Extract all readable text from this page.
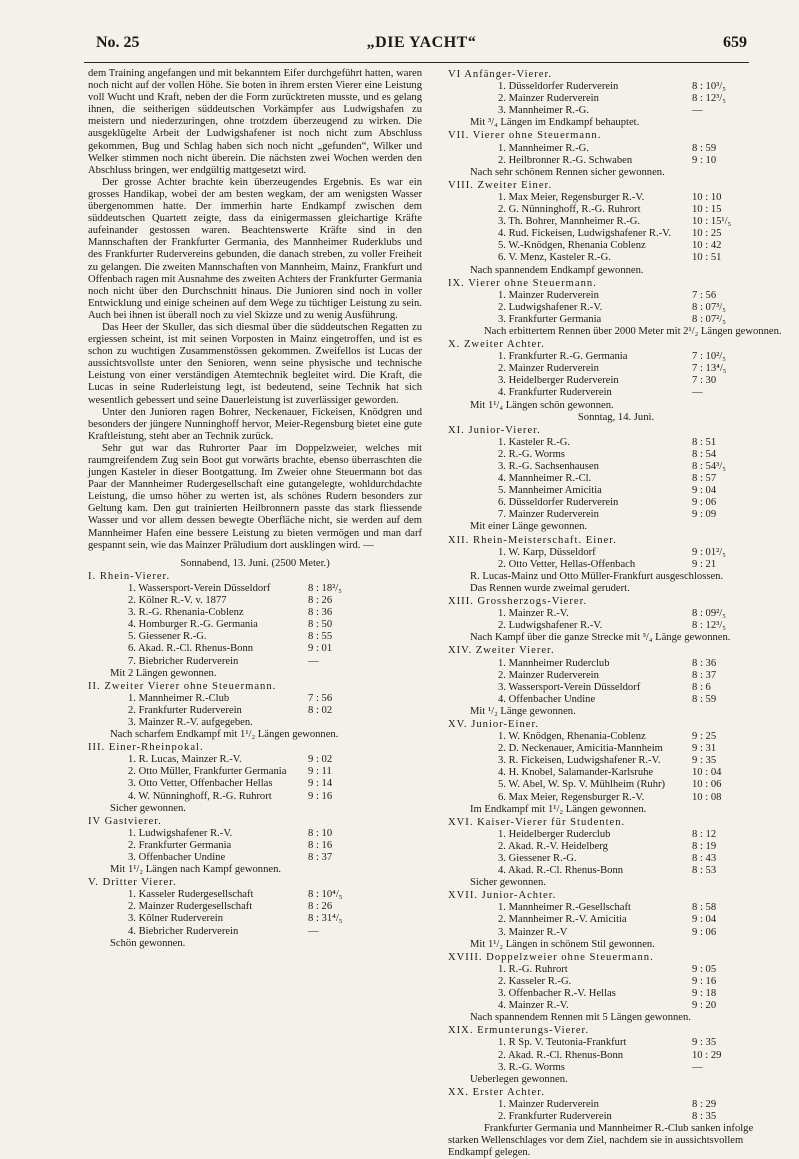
No. 25	„DIE YACHT“	659

dem Training angefangen und mit bekanntem Eifer durchgeführt hatten, waren noch nicht auf der vollen Höhe. Sie boten in ihrem ersten Vierer eine Leistung voll Wucht und Kraft, neben der die Form zurücktreten musste, und es gelang ihnen, die seitherigen süddeutschen Vorkämpfer aus Ludwigshafen zu meistern und niederzuringen, ohne trotzdem überzeugend zu wirken. Die ausgeklügelte Arbeit der Ludwigshafener ist noch nicht zum Abschluss gekommen, Bug und Schlag haben sich noch nicht „gefunden“, Wilker und Welker stimmen noch nicht überein. Die nächsten zwei Wochen werden den Abschluss bringen, wer endgültig mattgesetzt wird.

Der grosse Achter brachte kein überzeugendes Ergebnis. Es war ein grosses Handikap, wobei der am besten wegkam, der am wenigsten Wasser übergenommen hatte. Der immerhin harte Endkampf zwischen dem süddeutschen Quartett zeigte, dass da einigermassen gleichartige Kräfte aufeinander gestossen waren. Beachtenswerte Kräfte sind in den Mannschaften der Frankfurter Germania, des Mannheimer Ruderklubs und des Frankfurter Rudervereins gebunden, die danach streben, zu voller Freiheit zu gelangen. Die zweiten Mannschaften von Mannheim, Mainz, Frankfurt und Offenbach ragen mit Ausnahme des zweiten Achters der Frankfurter Germania noch nicht über den Durchschnitt hinaus. Die Junioren sind noch in voller Entwicklung und einige scheinen auf dem Wege zu tüchtiger Leistung zu sein. Auch bei ihnen ist überall noch zu viel Skizze und zu wenig Ausführung.

Das Heer der Skuller, das sich diesmal über die süddeutschen Regatten zu ergiessen scheint, ist mit seinen Vorposten in Mainz eingetroffen, und ist es schon zu wuchtigen Zusammenstössen gekommen. Zweifellos ist Lucas der aussichtsvollste unter den Senioren, wenn seine physische und technische Leistung von einer verständigen Atemtechnik begleitet wird. Die Kraft, die Lucas in seine Ruderleistung legt, ist bedeutend, seine Technik hat sich wesentlich gebessert und seine Dauerleistung ist zuverlässiger geworden.

Unter den Junioren ragen Bohrer, Neckenauer, Fickeisen, Knödgren und besonders der jüngere Nunninghoff hervor, Meier-Regensburg bietet eine gute Kraftleistung, steht aber an Technik zurück.

Sehr gut war das Ruhrorter Paar im Doppelzweier, welches mit raumgreifendem Zug sein Boot gut vorwärts brachte, ebenso überraschten die jungen Kasteler in dieser Bootgattung. Im Zweier ohne Steuermann bot das Paar der Mannheimer Rudergesellschaft eine gutangelegte, wohldurchdachte Leistung, die umso höher zu werten ist, als schönes Rudern besonders zur Geltung kam. Den gut trainierten Heilbronnern passte das stark fliessende Wasser und vor allem dessen bewegte Oberfläche nicht, sie werden auf dem Mannheimer Hafen eine bessere Leistung zu bieten vermögen und man darf gespannt sein, wie das Mainzer Präludium dort ausklingen wird. —

Sonnabend, 13. Juni. (2500 Meter.)
I. Rhein-Vierer.
1. Wassersport-Verein Düsseldorf	8 : 18²/₅
2. Kölner R.-V. v. 1877	8 : 26
3. R.-G. Rhenania-Coblenz	8 : 36
4. Homburger R.-G. Germania	8 : 50
5. Giessener R.-G.	8 : 55
6. Akad. R.-Cl. Rhenus-Bonn	9 : 01
7. Biebricher Ruderverein	—
Mit 2 Längen gewonnen.
II. Zweiter Vierer ohne Steuermann.
1. Mannheimer R.-Club	7 : 56
2. Frankfurter Ruderverein	8 : 02
3. Mainzer R.-V. aufgegeben.
Nach scharfem Endkampf mit 1¹/₂ Längen gewonnen.
III. Einer-Rheinpokal.
1. R. Lucas, Mainzer R.-V.	9 : 02
2. Otto Müller, Frankfurter Germania	9 : 11
3. Otto Vetter, Offenbacher Hellas	9 : 14
4. W. Nünninghoff, R.-G. Ruhrort	9 : 16
Sicher gewonnen.
IV Gastvierer.
1. Ludwigshafener R.-V.	8 : 10
2. Frankfurter Germania	8 : 16
3. Offenbacher Undine	8 : 37
Mit 1¹/₂ Längen nach Kampf gewonnen.
V. Dritter Vierer.
1. Kasseler Rudergesellschaft	8 : 10⁴/₅
2. Mainzer Rudergesellschaft	8 : 26
3. Kölner Ruderverein	8 : 31⁴/₅
4. Biebricher Ruderverein	—
Schön gewonnen.
VI Anfänger-Vierer.
1. Düsseldorfer Ruderverein	8 : 10³/₅
2. Mainzer Ruderverein	8 : 12³/₅
3. Mannheimer R.-G.	—
Mit ³/₄ Längen im Endkampf behauptet.
VII. Vierer ohne Steuermann.
1. Mannheimer R.-G.	8 : 59
2. Heilbronner R.-G. Schwaben	9 : 10
Nach sehr schönem Rennen sicher gewonnen.
VIII. Zweiter Einer.
1. Max Meier, Regensburger R.-V.	10 : 10
2. G. Nünninghoff, R.-G. Ruhrort	10 : 15
3. Th. Bohrer, Mannheimer R.-G.	10 : 15¹/₅
4. Rud. Fickeisen, Ludwigshafener R.-V.	10 : 25
5. W.-Knödgen, Rhenania Coblenz	10 : 42
6. V. Menz, Kasteler R.-G.	10 : 51
Nach spannendem Endkampf gewonnen.
IX. Vierer ohne Steuermann.
1. Mainzer Ruderverein	7 : 56
2. Ludwigshafener R.-V.	8 : 07³/₅
3. Frankfurter Germania	8 : 07²/₅
Nach erbittertem Rennen über 2000 Meter mit 2¹/₂ Längen gewonnen.
X. Zweiter Achter.
1. Frankfurter R.-G. Germania	7 : 10²/₅
2. Mainzer Ruderverein	7 : 13⁴/₅
3. Heidelberger Ruderverein	7 : 30
4. Frankfurter Ruderverein	—
Mit 1¹/₄ Längen schön gewonnen.
Sonntag, 14. Juni.
XI. Junior-Vierer.
1. Kasteler R.-G.	8 : 51
2. R.-G. Worms	8 : 54
3. R.-G. Sachsenhausen	8 : 54³/₅
4. Mannheimer R.-Cl.	8 : 57
5. Mannheimer Amicitia	9 : 04
6. Düsseldorfer Ruderverein	9 : 06
7. Mainzer Ruderverein	9 : 09
Mit einer Länge gewonnen.
XII. Rhein-Meisterschaft. Einer.
1. W. Karp, Düsseldorf	9 : 01²/₅
2. Otto Vetter, Hellas-Offenbach	9 : 21
R. Lucas-Mainz und Otto Müller-Frankfurt ausgeschlossen.
Das Rennen wurde zweimal gerudert.
XIII. Grossherzogs-Vierer.
1. Mainzer R.-V.	8 : 09²/₅
2. Ludwigshafener R.-V.	8 : 12³/₅
Nach Kampf über die ganze Strecke mit ³/₄ Länge gewonnen.
XIV. Zweiter Vierer.
1. Mannheimer Ruderclub	8 : 36
2. Mainzer Ruderverein	8 : 37
3. Wassersport-Verein Düsseldorf	8 : 6
4. Offenbacher Undine	8 : 59
Mit ¹/₂ Länge gewonnen.
XV. Junior-Einer.
1. W. Knödgen, Rhenania-Coblenz	9 : 25
2. D. Neckenauer, Amicitia-Mannheim	9 : 31
3. R. Fickeisen, Ludwigshafener R.-V.	9 : 35
4. H. Knobel, Salamander-Karlsruhe	10 : 04
5. W. Abel, W. Sp. V. Mühlheim (Ruhr)	10 : 06
6. Max Meier, Regensburger R.-V.	10 : 08
Im Endkampf mit 1¹/₂ Längen gewonnen.
XVI. Kaiser-Vierer für Studenten.
1. Heidelberger Ruderclub	8 : 12
2. Akad. R.-V. Heidelberg	8 : 19
3. Giessener R.-G.	8 : 43
4. Akad. R.-Cl. Rhenus-Bonn	8 : 53
Sicher gewonnen.
XVII. Junior-Achter.
1. Mannheimer R.-Gesellschaft	8 : 58
2. Mannheimer R.-V. Amicitia	9 : 04
3. Mainzer R.-V	9 : 06
Mit 1¹/₂ Längen in schönem Stil gewonnen.
XVIII. Doppelzweier ohne Steuermann.
1. R.-G. Ruhrort	9 : 05
2. Kasseler R.-G.	9 : 16
3. Offenbacher R.-V. Hellas	9 : 18
4. Mainzer R.-V.	9 : 20
Nach spannendem Rennen mit 5 Längen gewonnen.
XIX. Ermunterungs-Vierer.
1. R Sp. V. Teutonia-Frankfurt	9 : 35
2. Akad. R.-Cl. Rhenus-Bonn	10 : 29
3. R.-G. Worms	—
Ueberlegen gewonnen.
XX. Erster Achter.
1. Mainzer Ruderverein	8 : 29
2. Frankfurter Ruderverein	8 : 35
Frankfurter Germania und Mannheimer R.-Club sanken infolge starken Wellenschlages vor dem Ziel, nachdem sie in aussichtsvollem Endkampf gelegen.
